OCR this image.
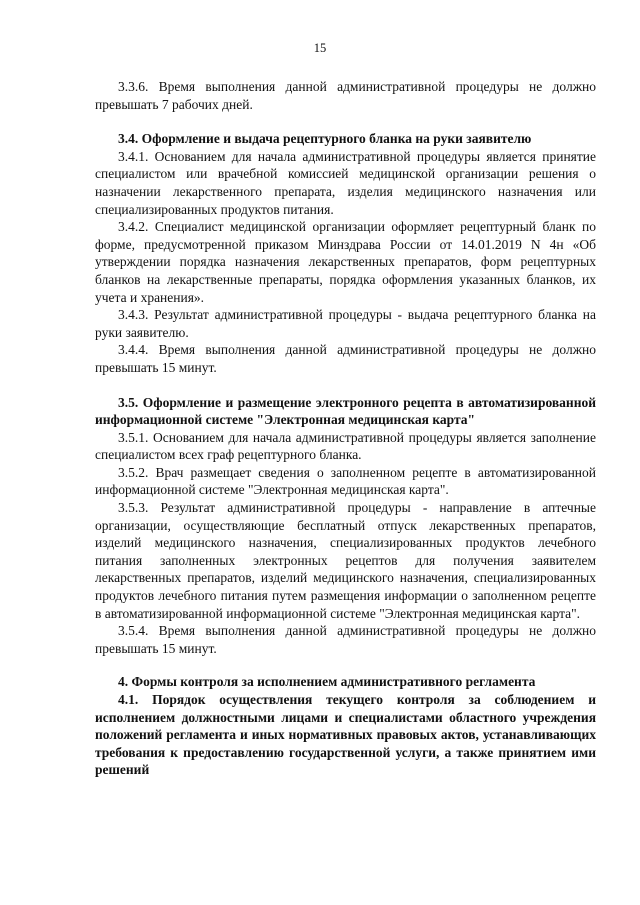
15

3.3.6. Время выполнения данной административной процедуры не должно превышать 7 рабочих дней.

3.4. Оформление и выдача рецептурного бланка на руки заявителю

3.4.1. Основанием для начала административной процедуры является принятие специалистом или врачебной комиссией медицинской организации решения о назначении лекарственного препарата, изделия медицинского назначения или специализированных продуктов питания.

3.4.2. Специалист медицинской организации оформляет рецептурный бланк по форме, предусмотренной приказом Минздрава России от 14.01.2019 N 4н «Об утверждении порядка назначения лекарственных препаратов, форм рецептурных бланков на лекарственные препараты, порядка оформления указанных бланков, их учета и хранения».

3.4.3. Результат административной процедуры - выдача рецептурного бланка на руки заявителю.

3.4.4. Время выполнения данной административной процедуры не должно превышать 15 минут.

3.5. Оформление и размещение электронного рецепта в автоматизированной информационной системе "Электронная медицинская карта"

3.5.1. Основанием для начала административной процедуры является заполнение специалистом всех граф рецептурного бланка.

3.5.2. Врач размещает сведения о заполненном рецепте в автоматизированной информационной системе "Электронная медицинская карта".

3.5.3. Результат административной процедуры - направление в аптечные организации, осуществляющие бесплатный отпуск лекарственных препаратов, изделий медицинского назначения, специализированных продуктов лечебного питания заполненных электронных рецептов для получения заявителем лекарственных препаратов, изделий медицинского назначения, специализированных продуктов лечебного питания путем размещения информации о заполненном рецепте в автоматизированной информационной системе "Электронная медицинская карта".

3.5.4. Время выполнения данной административной процедуры не должно превышать 15 минут.

4. Формы контроля за исполнением административного регламента

4.1. Порядок осуществления текущего контроля за соблюдением и исполнением должностными лицами и специалистами областного учреждения положений регламента и иных нормативных правовых актов, устанавливающих требования к предоставлению государственной услуги, а также принятием ими решений
